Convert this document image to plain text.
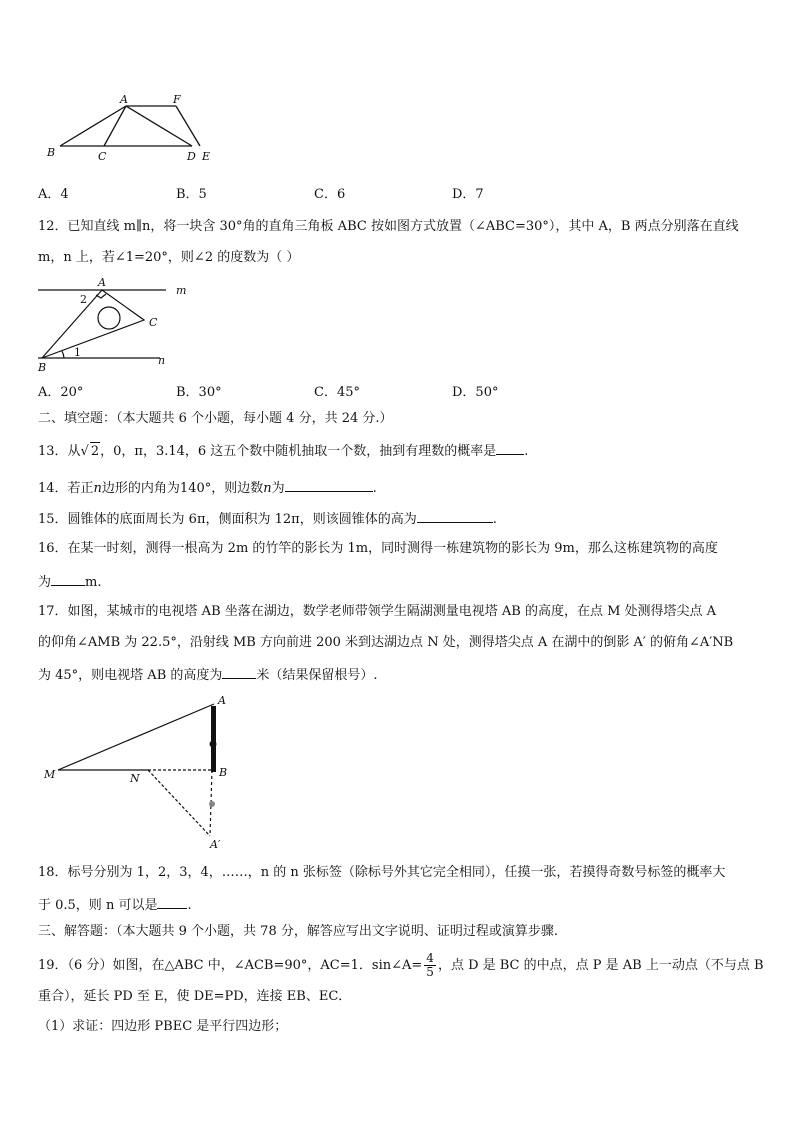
A	F
B	C	D E
A．4	B．5	C．6	D．7
12．已知直线 m∥n，将一块含 30°角的直角三角板 ABC 按如图方式放置（∠ABC=30°），其中 A，B 两点分别落在直线
m，n 上，若∠1=20°，则∠2 的度数为（ ）
A
m
2
C
B
1
n
A．20°	B．30°	C．45°	D．50°
二、填空题：（本大题共 6 个小题，每小题 4 分，共 24 分.）
13．从√ 2，0，π，3.14，6 这五个数中随机抽取一个数，抽到有理数的概率是 .
14．若正n边形的内角为140°，则边数n为	.
15．圆锥体的底面周长为 6π，侧面积为 12π，则该圆锥体的高为	.
16．在某一时刻，测得一根高为 2m 的竹竿的影长为 1m，同时测得一栋建筑物的影长为 9m，那么这栋建筑物的高度
为	m.
17．如图，某城市的电视塔 AB 坐落在湖边，数学老师带领学生隔湖测量电视塔 AB 的高度，在点 M 处测得塔尖点 A
的仰角∠AMB 为 22.5°，沿射线 MB 方向前进 200 米到达湖边点 N 处，测得塔尖点 A 在湖中的倒影 A′ 的俯角∠A′NB
为 45°，则电视塔 AB 的高度为	米（结果保留根号）.
A
M	N	B
A′
18．标号分别为 1，2，3，4，……，n 的 n 张标签（除标号外其它完全相同），任摸一张，若摸得奇数号标签的概率大
于 0.5，则 n 可以是 .
三、解答题：（本大题共 9 个小题，共 78 分，解答应写出文字说明、证明过程或演算步骤.
19．（6 分）如图，在△ABC 中，∠ACB=90°，AC=1．sin∠A= $\frac{4}{5}$ ，点 D 是 BC 的中点，点 P 是 AB 上一动点（不与点 B
重合），延长 PD 至 E，使 DE=PD，连接 EB、EC．
（1）求证：四边形 PBEC 是平行四边形；
